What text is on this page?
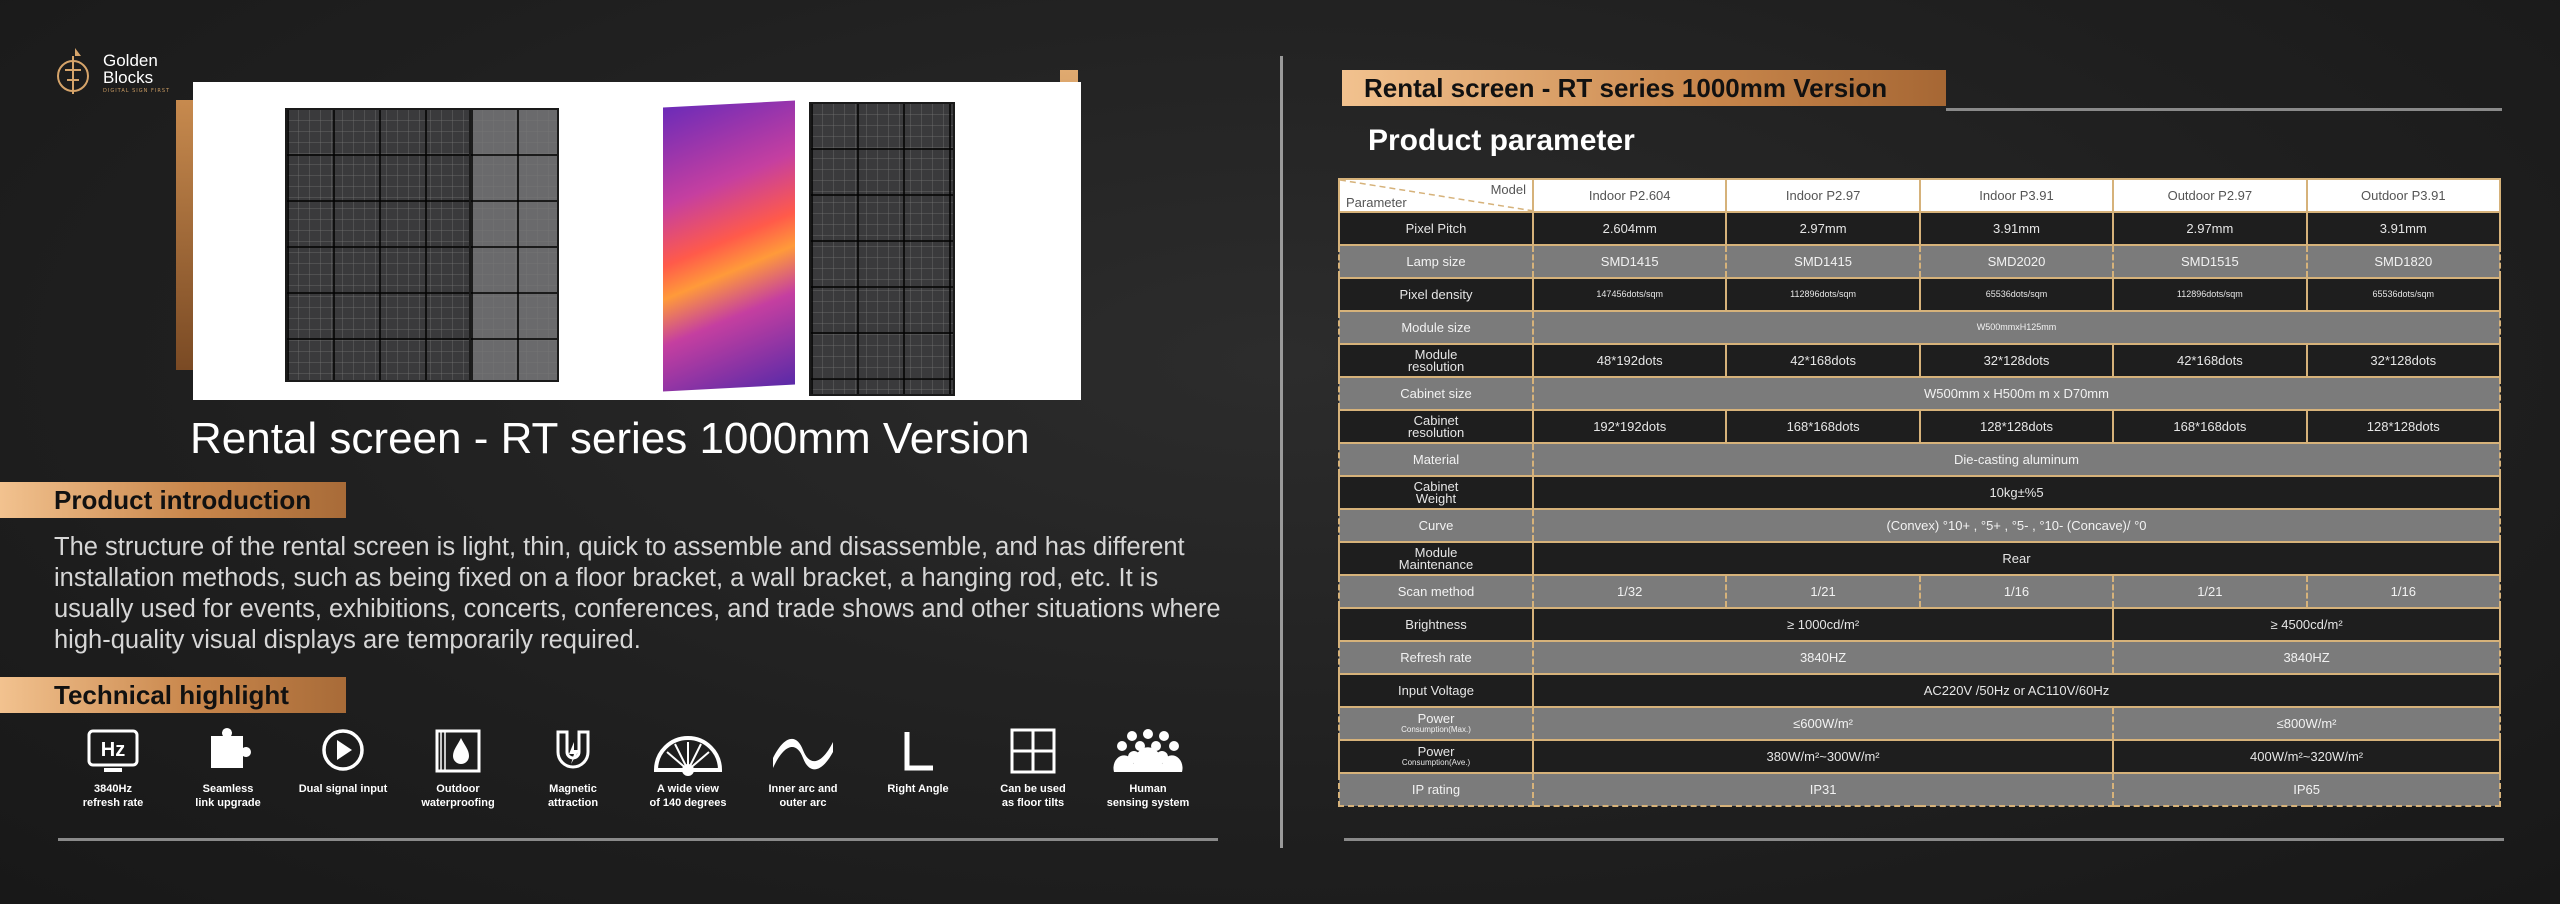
Golden
Blocks
DIGITAL SIGN FIRST
Rental screen - RT series 1000mm Version
Product introduction
The structure of the rental screen is light, thin, quick to assemble and disassemble, and has different installation methods, such as being fixed on a floor bracket, a wall bracket, a hanging rod, etc. It is usually used for events, exhibitions, concerts, conferences, and trade shows and other situations where high-quality visual displays are temporarily required.
Technical highlight
Hz
3840Hz
refresh rate
Seamless
link upgrade
Dual signal input	Outdoor
waterproofing
Magnetic
attraction
A wide view
of 140 degrees
Inner arc and
outer arc
Right Angle	Can be used
as floor tilts
Human
sensing system
Rental screen - RT series 1000mm Version
Product parameter
Model
Parameter	Indoor P2.604	Indoor P2.97	Indoor P3.91	Outdoor P2.97	Outdoor P3.91
Pixel Pitch	2.604mm	2.97mm	3.91mm	2.97mm	3.91mm
Lamp size	SMD1415	SMD1415	SMD2020	SMD1515	SMD1820
Pixel density	147456dots/sqm	112896dots/sqm	65536dots/sqm	112896dots/sqm	65536dots/sqm
Module size	W500mmxH125mm				

Module
resolution	48*192dots	42*168dots	32*128dots	42*168dots	32*128dots
Cabinet size	W500mm x H500m m x D70mm				

Cabinet
resolution	192*192dots	168*168dots	128*128dots	168*168dots	128*128dots
Material	Die-casting aluminum				

Cabinet
Weight	10kg±%5				
Curve	(Convex) °10+ , °5+ , °5- , °10- (Concave)/ °0				

Module
Maintenance	Rear				
Scan method	1/32	1/21	1/16	1/21	1/16
Brightness	≥ 1000cd/m²			≥ 4500cd/m²	
Refresh rate	3840HZ			3840HZ	
Input Voltage	AC220V /50Hz or AC110V/60Hz				

Power
Consumption(Max.)	≤600W/m²			≤800W/m²	

Power
Consumption(Ave.)	380W/m²~300W/m²			400W/m²~320W/m²	
IP rating	IP31			IP65	
